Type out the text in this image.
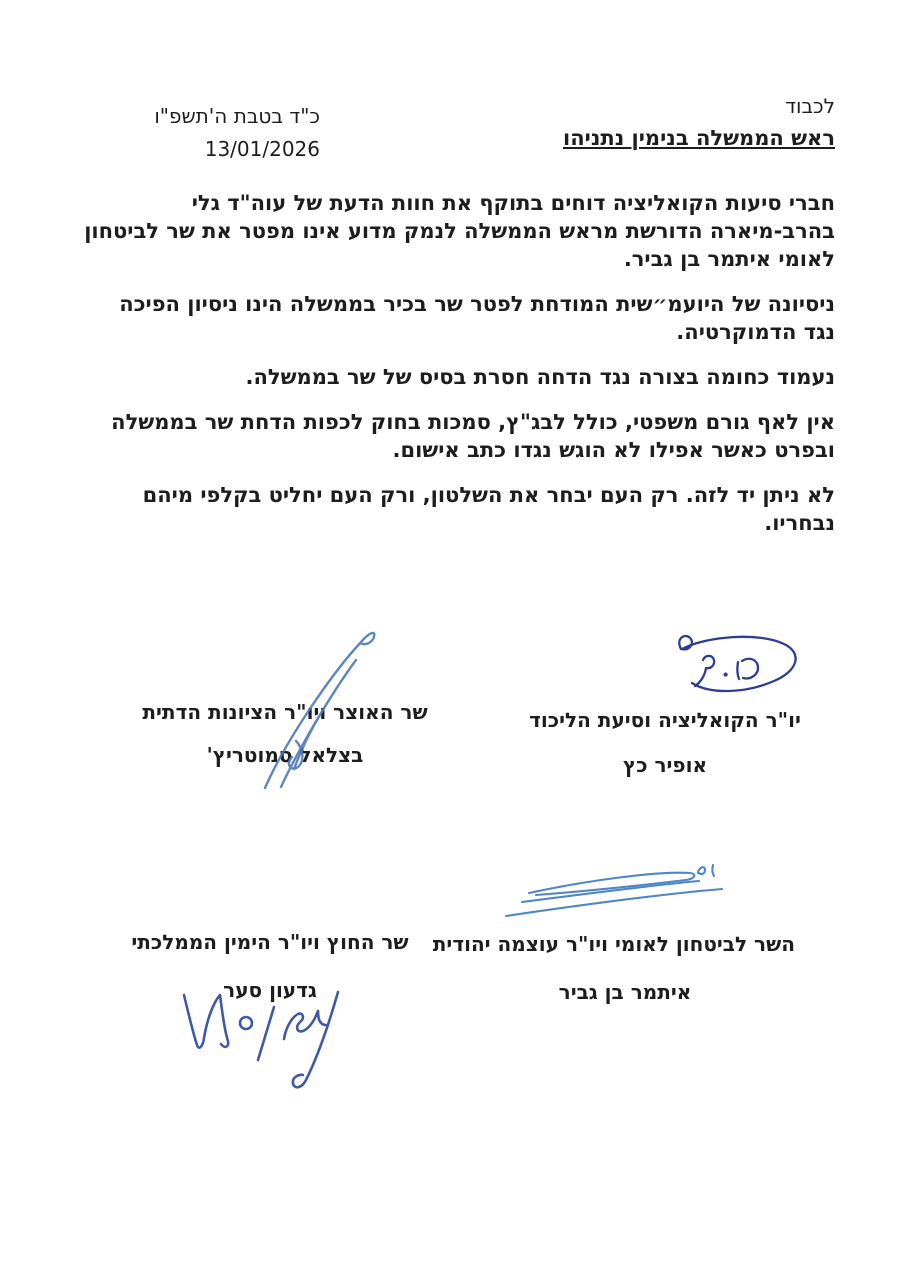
לכבוד
ראש הממשלה בנימין נתניהו
כ"ד בטבת ה'תשפ"ו
13/01/2026

חברי סיעות הקואליציה דוחים בתוקף את חוות הדעת של עוה"ד גלי בהרב-מיארה הדורשת מראש הממשלה לנמק מדוע אינו מפטר את שר לביטחון לאומי איתמר בן גביר.

ניסיונה של היועמ״שית המודחת לפטר שר בכיר בממשלה הינו ניסיון הפיכה נגד הדמוקרטיה.

נעמוד כחומה בצורה נגד הדחה חסרת בסיס של שר בממשלה.

אין לאף גורם משפטי, כולל לבג"ץ, סמכות בחוק לכפות הדחת שר בממשלה ובפרט כאשר אפילו לא הוגש נגדו כתב אישום.

לא ניתן יד לזה. רק העם יבחר את השלטון, ורק העם יחליט בקלפי מיהם נבחריו.

יו"ר הקואליציה וסיעת הליכוד
אופיר כץ
שר האוצר ויו"ר הציונות הדתית
בצלאל סמוטריץ'
השר לביטחון לאומי ויו"ר עוצמה יהודית
איתמר בן גביר
שר החוץ ויו"ר הימין הממלכתי
גדעון סער
